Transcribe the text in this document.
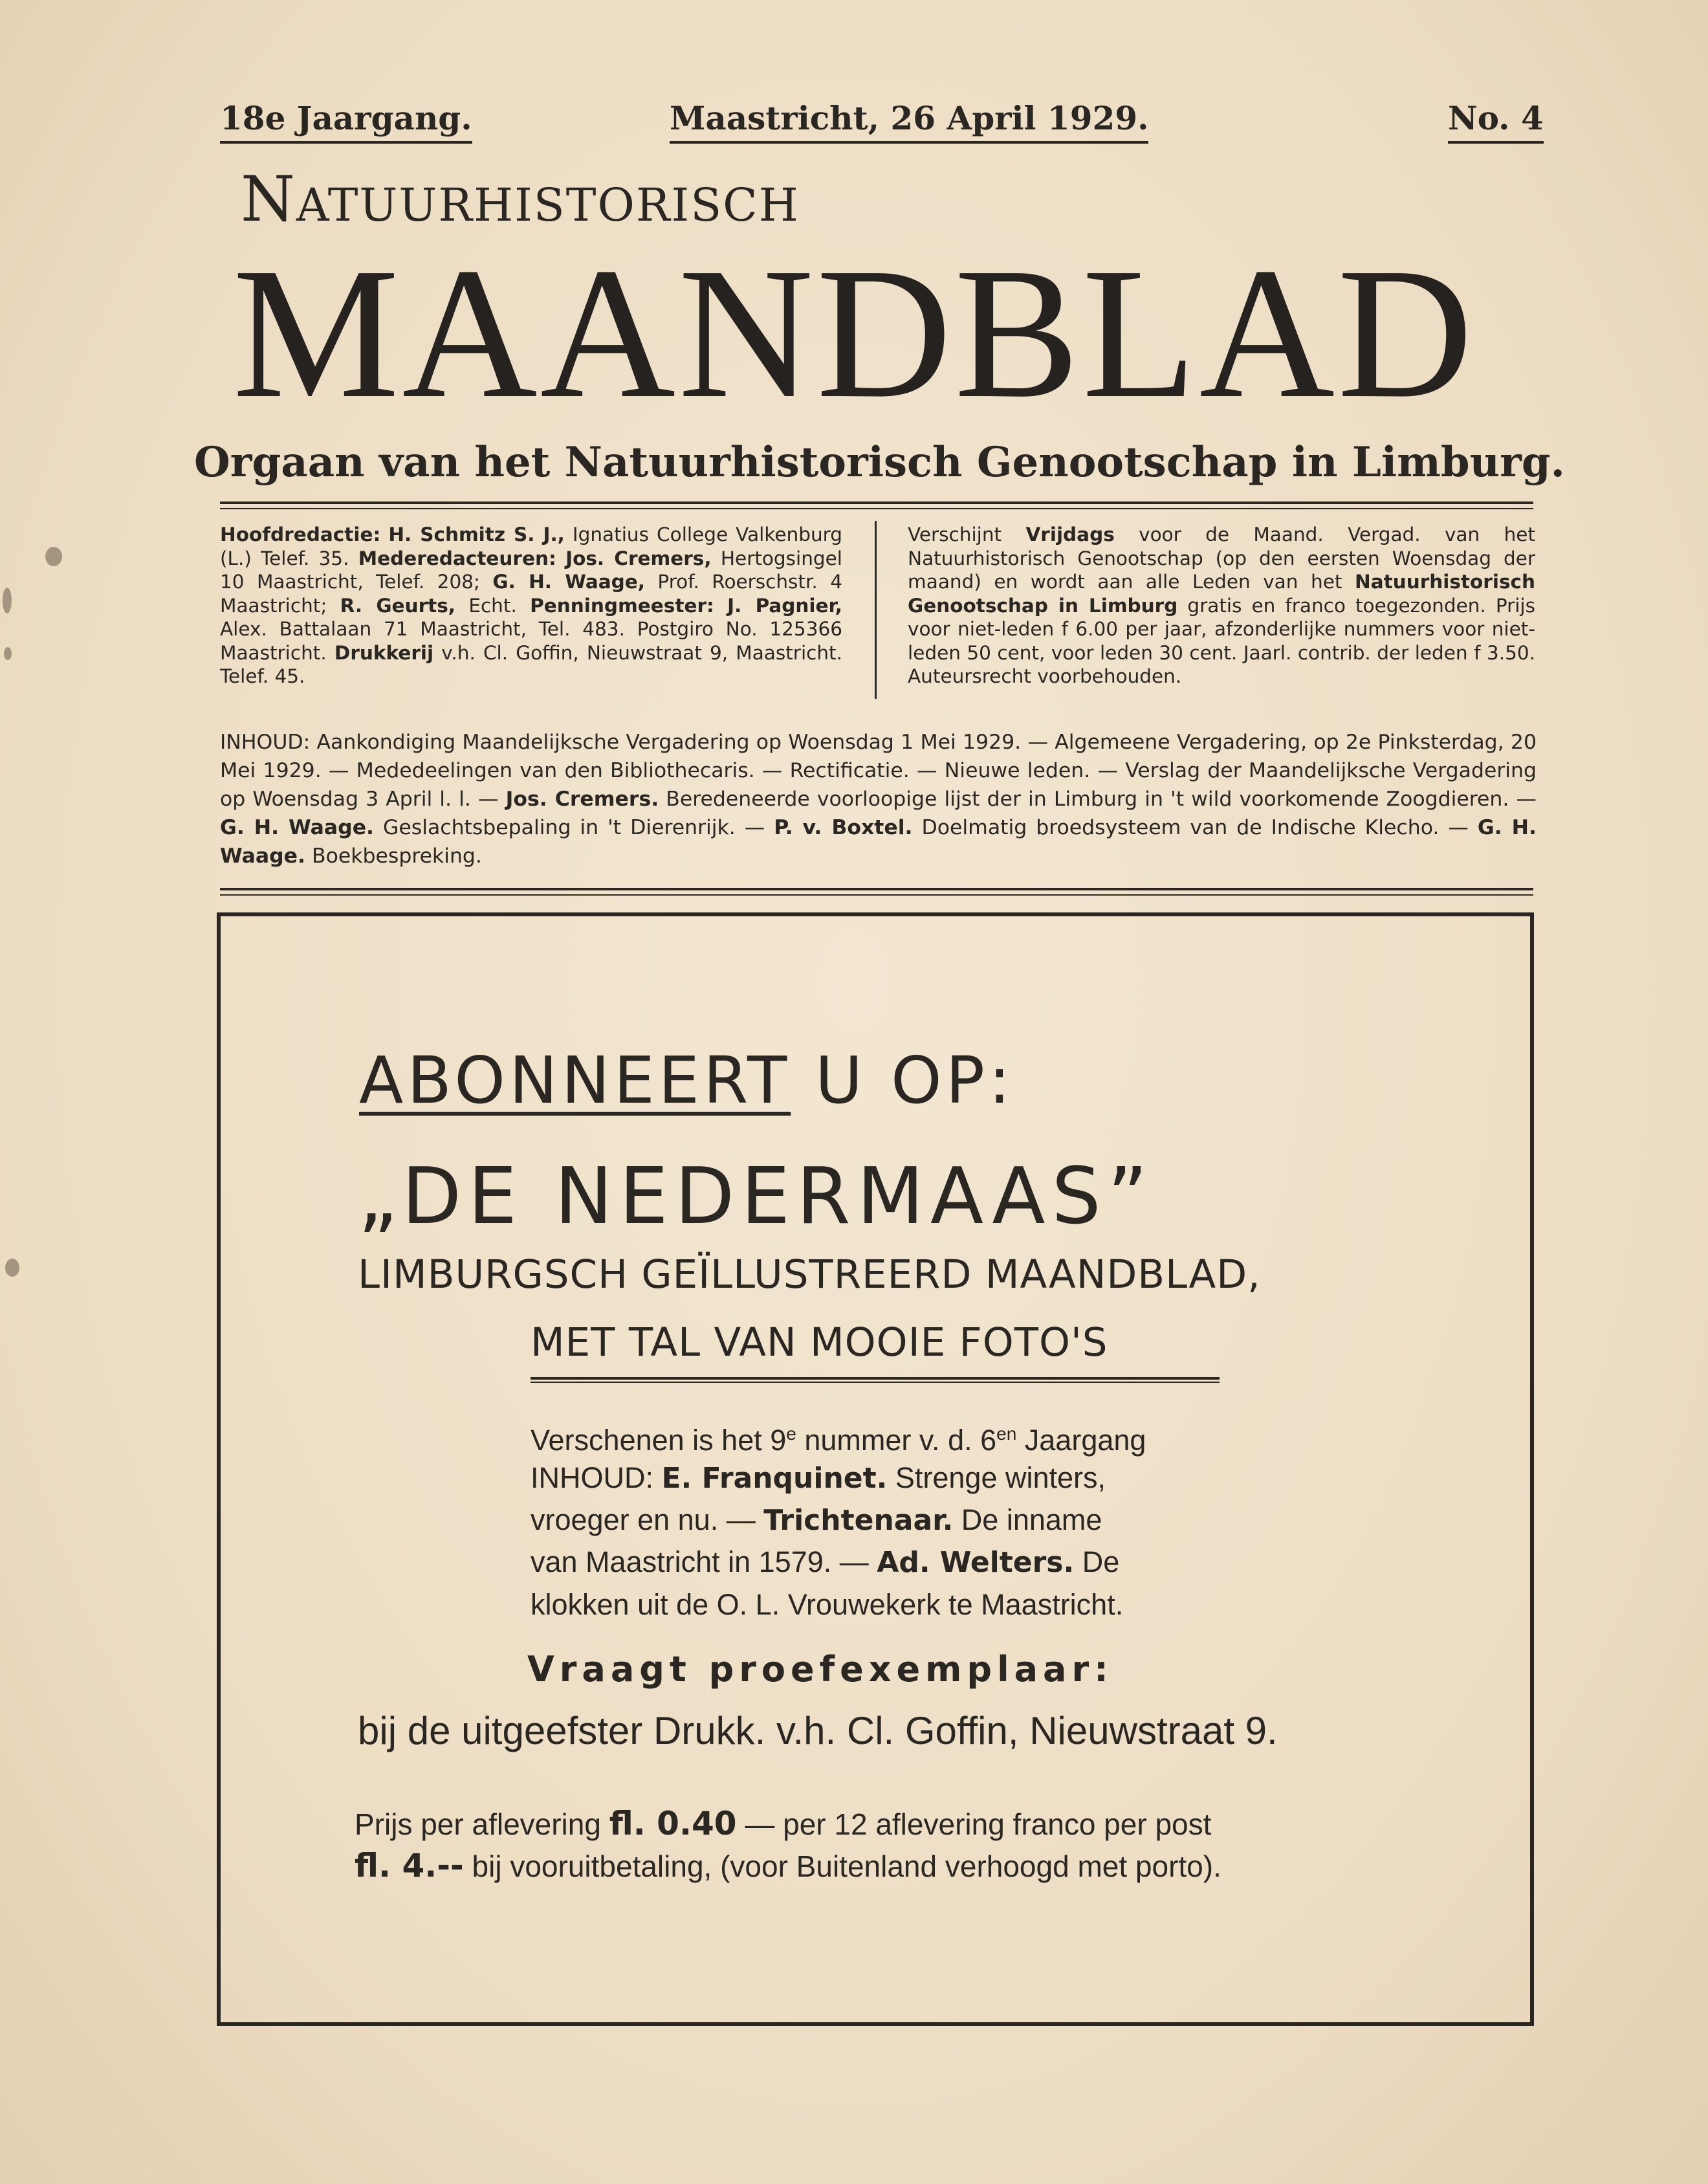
18e Jaargang.	Maastricht, 26 April 1929.	No. 4
NATUURHISTORISCH
MAANDBLAD
Orgaan van het Natuurhistorisch Genootschap in Limburg.

Hoofdredactie: H. Schmitz S. J., Ignatius College Valkenburg (L.) Telef. 35. Mederedacteuren: Jos. Cremers, Hertogsingel 10 Maastricht, Telef. 208; G. H. Waage, Prof. Roerschstr. 4 Maastricht; R. Geurts, Echt. Penningmeester: J. Pagnier, Alex. Battalaan 71 Maastricht, Tel. 483. Postgiro No. 125366 Maastricht. Drukkerij v.h. Cl. Goffin, Nieuwstraat 9, Maastricht. Telef. 45.

Verschijnt Vrijdags voor de Maand. Vergad. van het Natuurhistorisch Genootschap (op den eersten Woensdag der maand) en wordt aan alle Leden van het Natuurhistorisch Genootschap in Limburg gratis en franco toegezonden. Prijs voor niet-leden f 6.00 per jaar, afzonderlijke nummers voor niet-leden 50 cent, voor leden 30 cent. Jaarl. contrib. der leden f 3.50. Auteursrecht voorbehouden.

INHOUD: Aankondiging Maandelijksche Vergadering op Woensdag 1 Mei 1929. — Algemeene Vergadering, op 2e Pinksterdag, 20 Mei 1929. — Mededeelingen van den Bibliothecaris. — Rectificatie. — Nieuwe leden. — Verslag der Maandelijksche Vergadering op Woensdag 3 April l. l. — Jos. Cremers. Beredeneerde voorloopige lijst der in Limburg in 't wild voorkomende Zoogdieren. — G. H. Waage. Geslachtsbepaling in 't Dierenrijk. — P. v. Boxtel. Doelmatig broedsysteem van de Indische Klecho. — G. H. Waage. Boekbespreking.

ABONNEERT U OP:
„DE NEDERMAAS”
LIMBURGSCH GEÏLLUSTREERD MAANDBLAD,
MET TAL VAN MOOIE FOTO'S
Verschenen is het 9e nummer v. d. $6^{en}$ Jaargang
INHOUD: E. Franquinet. Strenge winters,
vroeger en nu. — Trichtenaar. De inname
van Maastricht in 1579. — Ad. Welters. De
klokken uit de O. L. Vrouwekerk te Maastricht.
Vraagt proefexemplaar:
bij de uitgeefster Drukk. v.h. Cl. Goffin, Nieuwstraat 9.
Prijs per aflevering fl. 0.40 — per 12 aflevering franco per post
fl. 4.-- bij vooruitbetaling, (voor Buitenland verhoogd met porto).
